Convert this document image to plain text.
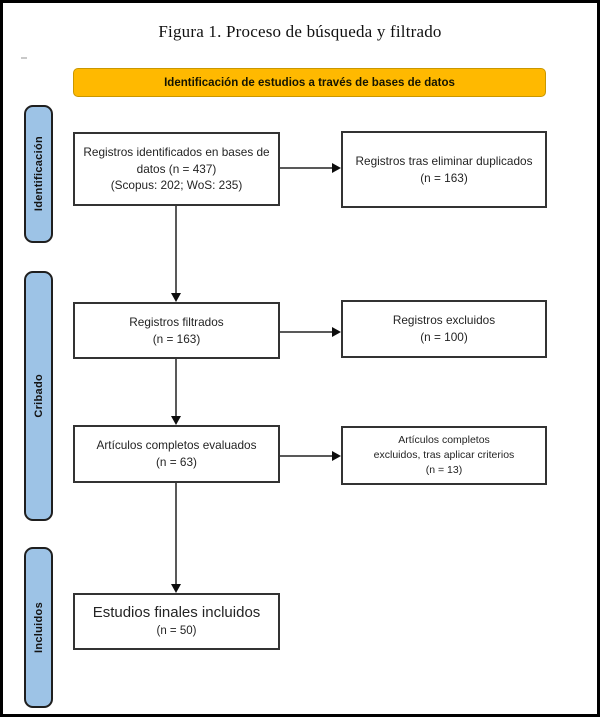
Figura 1. Proceso de búsqueda y filtrado
Identificación de estudios a través de bases de datos
Identificación
Cribado
Incluidos
Registros identificados en bases de
datos (n = 437)
(Scopus: 202; WoS: 235)
Registros tras eliminar duplicados
(n = 163)
Registros filtrados
(n = 163)
Registros excluidos
(n = 100)
Artículos completos evaluados
(n = 63)
Artículos completos
excluidos, tras aplicar criterios
(n = 13)
Estudios finales incluidos
(n = 50)
